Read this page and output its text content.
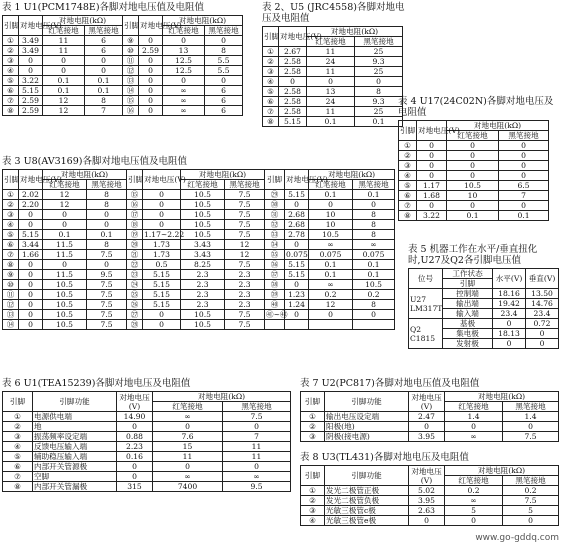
表 1 U1(PCM1748E)各脚对地电压值及电阻值
引脚	对地电压(V)	对地电阻(kΩ)		引脚	对地电压(V)	对地电阻(kΩ)	
		红笔接地	黑笔接地			红笔接地	黑笔接地
①	3.49	11	6	⑨	0	0	0
②	3.49	11	6	⑩	2.59	13	8
③	0	0	0	⑪	0	12.5	5.5
④	0	0	0	⑫	0	12.5	5.5
⑤	3.22	0.1	0.1	⑬	0	0	0
⑥	5.15	0.1	0.1	⑭	0	∞	6
⑦	2.59	12	8	⑮	0	∞	6
⑧	2.59	12	7	⑯	0	∞	6
表 2、U5 (JRC4558)各脚对地电压及电阻值
引脚	对地电压(V)	对地电阻(kΩ)	
		红笔接地	黑笔接地
①	2.67	11	25
②	2.58	24	9.3
③	2.58	11	25
④	0	0	0
⑤	2.58	13	8
⑥	2.58	24	9.3
⑦	2.58	11	25
⑧	5.15	0.1	0.1
表 4 U17(24C02N)各脚对地电压及电阻值
引脚	对地电压(V)	对地电阻(kΩ)	
		红笔接地	黑笔接地
①	0	0	0
②	0	0	0
③	0	0	0
④	0	0	0
⑤	1.17	10.5	6.5
⑥	1.68	10	7
⑦	0	0	0
⑧	3.22	0.1	0.1
表 3 U8(AV3169)各脚对地电压值及电阻值
引脚	对地电压(V)	对地电阻(kΩ)		引脚	对地电压(V)	对地电阻(kΩ)		引脚	对地电压(V)	对地电阻(kΩ)	
		红笔接地	黑笔接地			红笔接地	黑笔接地			红笔接地	黑笔接地
①	2.02	12	8	⑮	0	10.5	7.5	㉙	5.15	0.1	0.1
②	2.20	12	8	⑯	0	10.5	7.5	㉚	0	0	0
③	0	0	0	⑰	0	10.5	7.5	㉛	2.68	10	8
④	0	0	0	⑱	0	10.5	7.5	㉜	2.68	10	8
⑤	5.15	0.1	0.1	⑲	1.17~2.22	10.5	7.5	㉝	2.78	10.5	8
⑥	3.44	11.5	8	⑳	1.73	3.43	12	㉞	0	∞	∞
⑦	1.66	11.5	7.5	㉑	1.73	3.43	12	㉟	0.075	0.075	0.075
⑧	0	0	0	㉒	0.5	8.25	7.5	㊱	5.15	0.1	0.1
⑨	0	11.5	9.5	㉓	5.15	2.3	2.3	㊲	5.15	0.1	0.1
⑩	0	10.5	7.5	㉔	5.15	2.3	2.3	㊳	0	∞	10.5
⑪	0	10.5	7.5	㉕	5.15	2.3	2.3	㊴	1.23	0.2	0.2
⑫	0	10.5	7.5	㉖	5.15	2.3	2.3	㊵	1.24	12	8
⑬	0	10.5	7.5	㉗	0	10.5	7.5	㊶~㊸	0	0	0
⑭	0	10.5	7.5	㉘	0	10.5	7.5				
表 5 机器工作在水平/垂直扭化时,U27及Q2各引脚电压值
位号	工作状态	水平(V)	垂直(V)
	引脚		
U27 LM317T	控制端	18.16	13.50
	输出端	19.42	14.76
	输入端	23.4	23.4
Q2 C1815	基极	0	0.72
	集电极	18.13	0
	发射极	0	0
表 6 U1(TEA15239)各脚对地电压及电阻值
引脚	引脚功能	对地电压(V)	对地电阻(kΩ)	
			红笔接地	黑笔接地
①	电源供电端	14.90	∞	7.5
②	地	0	0	0
③	振荡频率设定端	0.88	7.6	7
④	反馈电压输入端	2.23	15	11
⑤	辅助稳压输入端	0.16	11	11
⑥	内部开关管源极	0	0	0
⑦	空脚	0	∞	∞
⑧	内部开关管漏极	315	7400	9.5
表 7 U2(PC817)各脚对地电压值及电阻值
引脚	引脚功能	对地电压(V)	对地电阻(kΩ)	
			红笔接地	黑笔接地
①	输出电压设定端	2.47	1.4	1.4
②	阳极(地)	0	0	0
③	阴极(接电源)	3.95	∞	7.5
表 8 U3(TL431)各脚对地电压及电阻值
引脚	引脚功能	对地电压(V)	对地电阻(kΩ)	
			红笔接地	黑笔接地
①	发光二极管正极	5.02	0.2	0.2
②	发光二极管负极	3.95	∞	7.5
③	光敏三极管c极	2.63	5	5
④	光敏三极管e极	0	0	0
www.go-gddq.com
